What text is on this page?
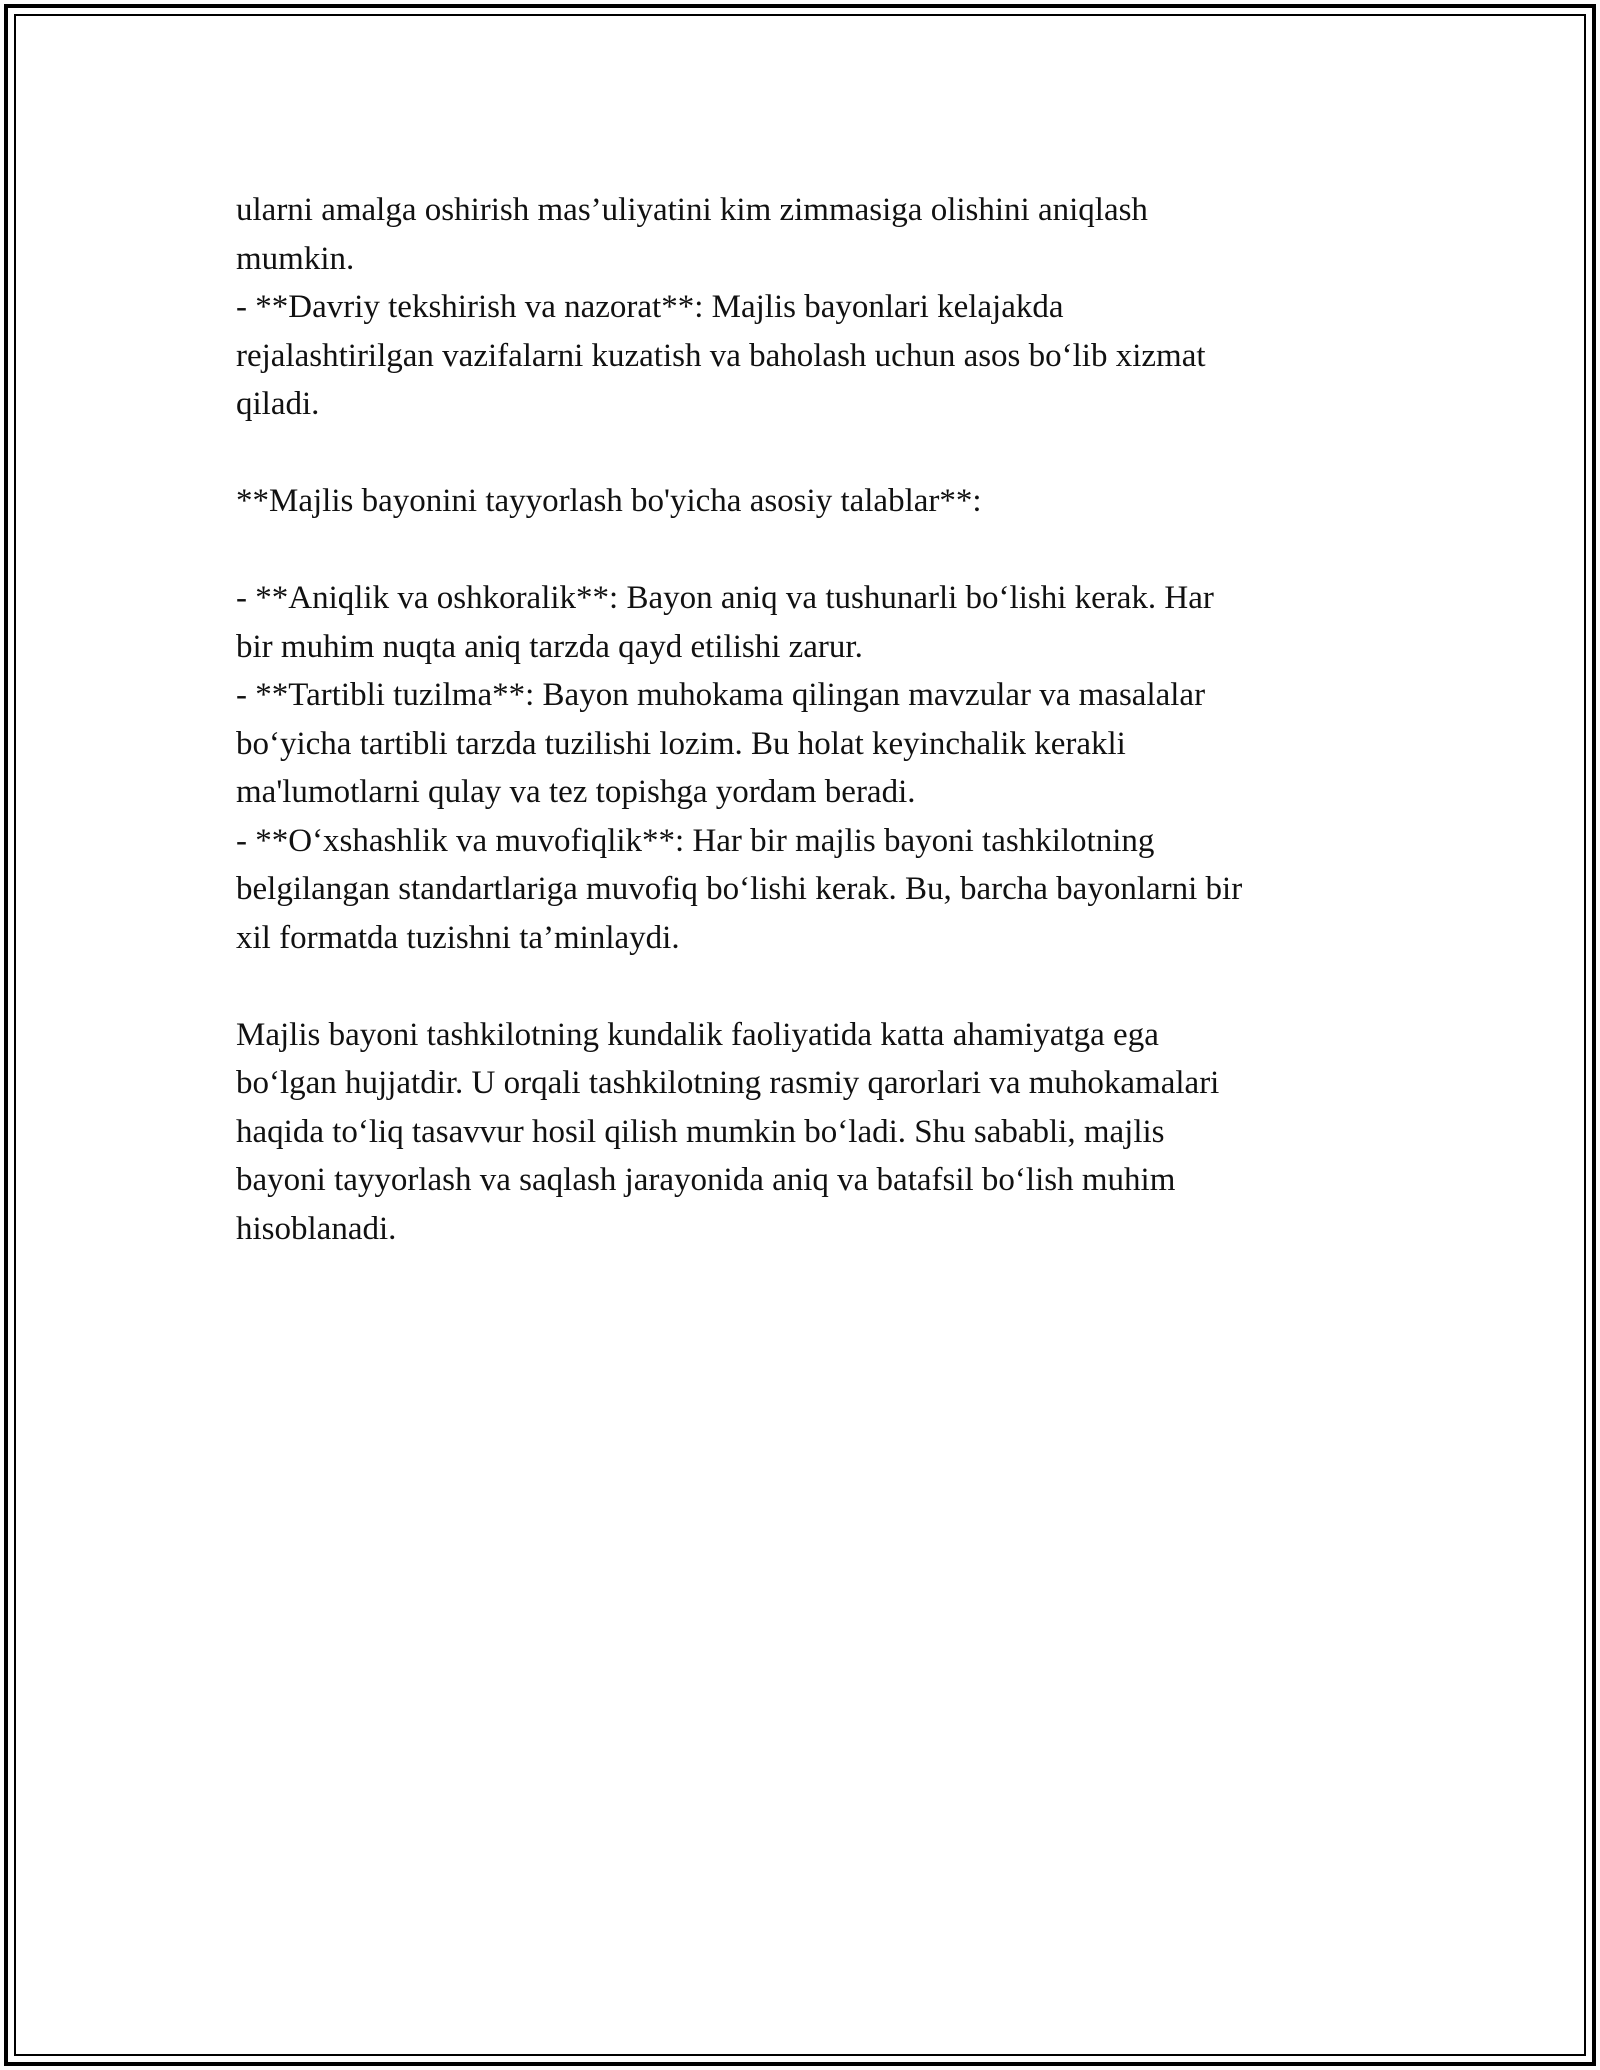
ularni amalga oshirish mas’uliyatini kim zimmasiga olishini aniqlash
mumkin.
- **Davriy tekshirish va nazorat**: Majlis bayonlari kelajakda
rejalashtirilgan vazifalarni kuzatish va baholash uchun asos bo‘lib xizmat
qiladi.
**Majlis bayonini tayyorlash bo'yicha asosiy talablar**:
- **Aniqlik va oshkoralik**: Bayon aniq va tushunarli bo‘lishi kerak. Har
bir muhim nuqta aniq tarzda qayd etilishi zarur.
- **Tartibli tuzilma**: Bayon muhokama qilingan mavzular va masalalar
bo‘yicha tartibli tarzda tuzilishi lozim. Bu holat keyinchalik kerakli
ma'lumotlarni qulay va tez topishga yordam beradi.
- **O‘xshashlik va muvofiqlik**: Har bir majlis bayoni tashkilotning
belgilangan standartlariga muvofiq bo‘lishi kerak. Bu, barcha bayonlarni bir
xil formatda tuzishni ta’minlaydi.
Majlis bayoni tashkilotning kundalik faoliyatida katta ahamiyatga ega
bo‘lgan hujjatdir. U orqali tashkilotning rasmiy qarorlari va muhokamalari
haqida to‘liq tasavvur hosil qilish mumkin bo‘ladi. Shu sababli, majlis
bayoni tayyorlash va saqlash jarayonida aniq va batafsil bo‘lish muhim
hisoblanadi.
